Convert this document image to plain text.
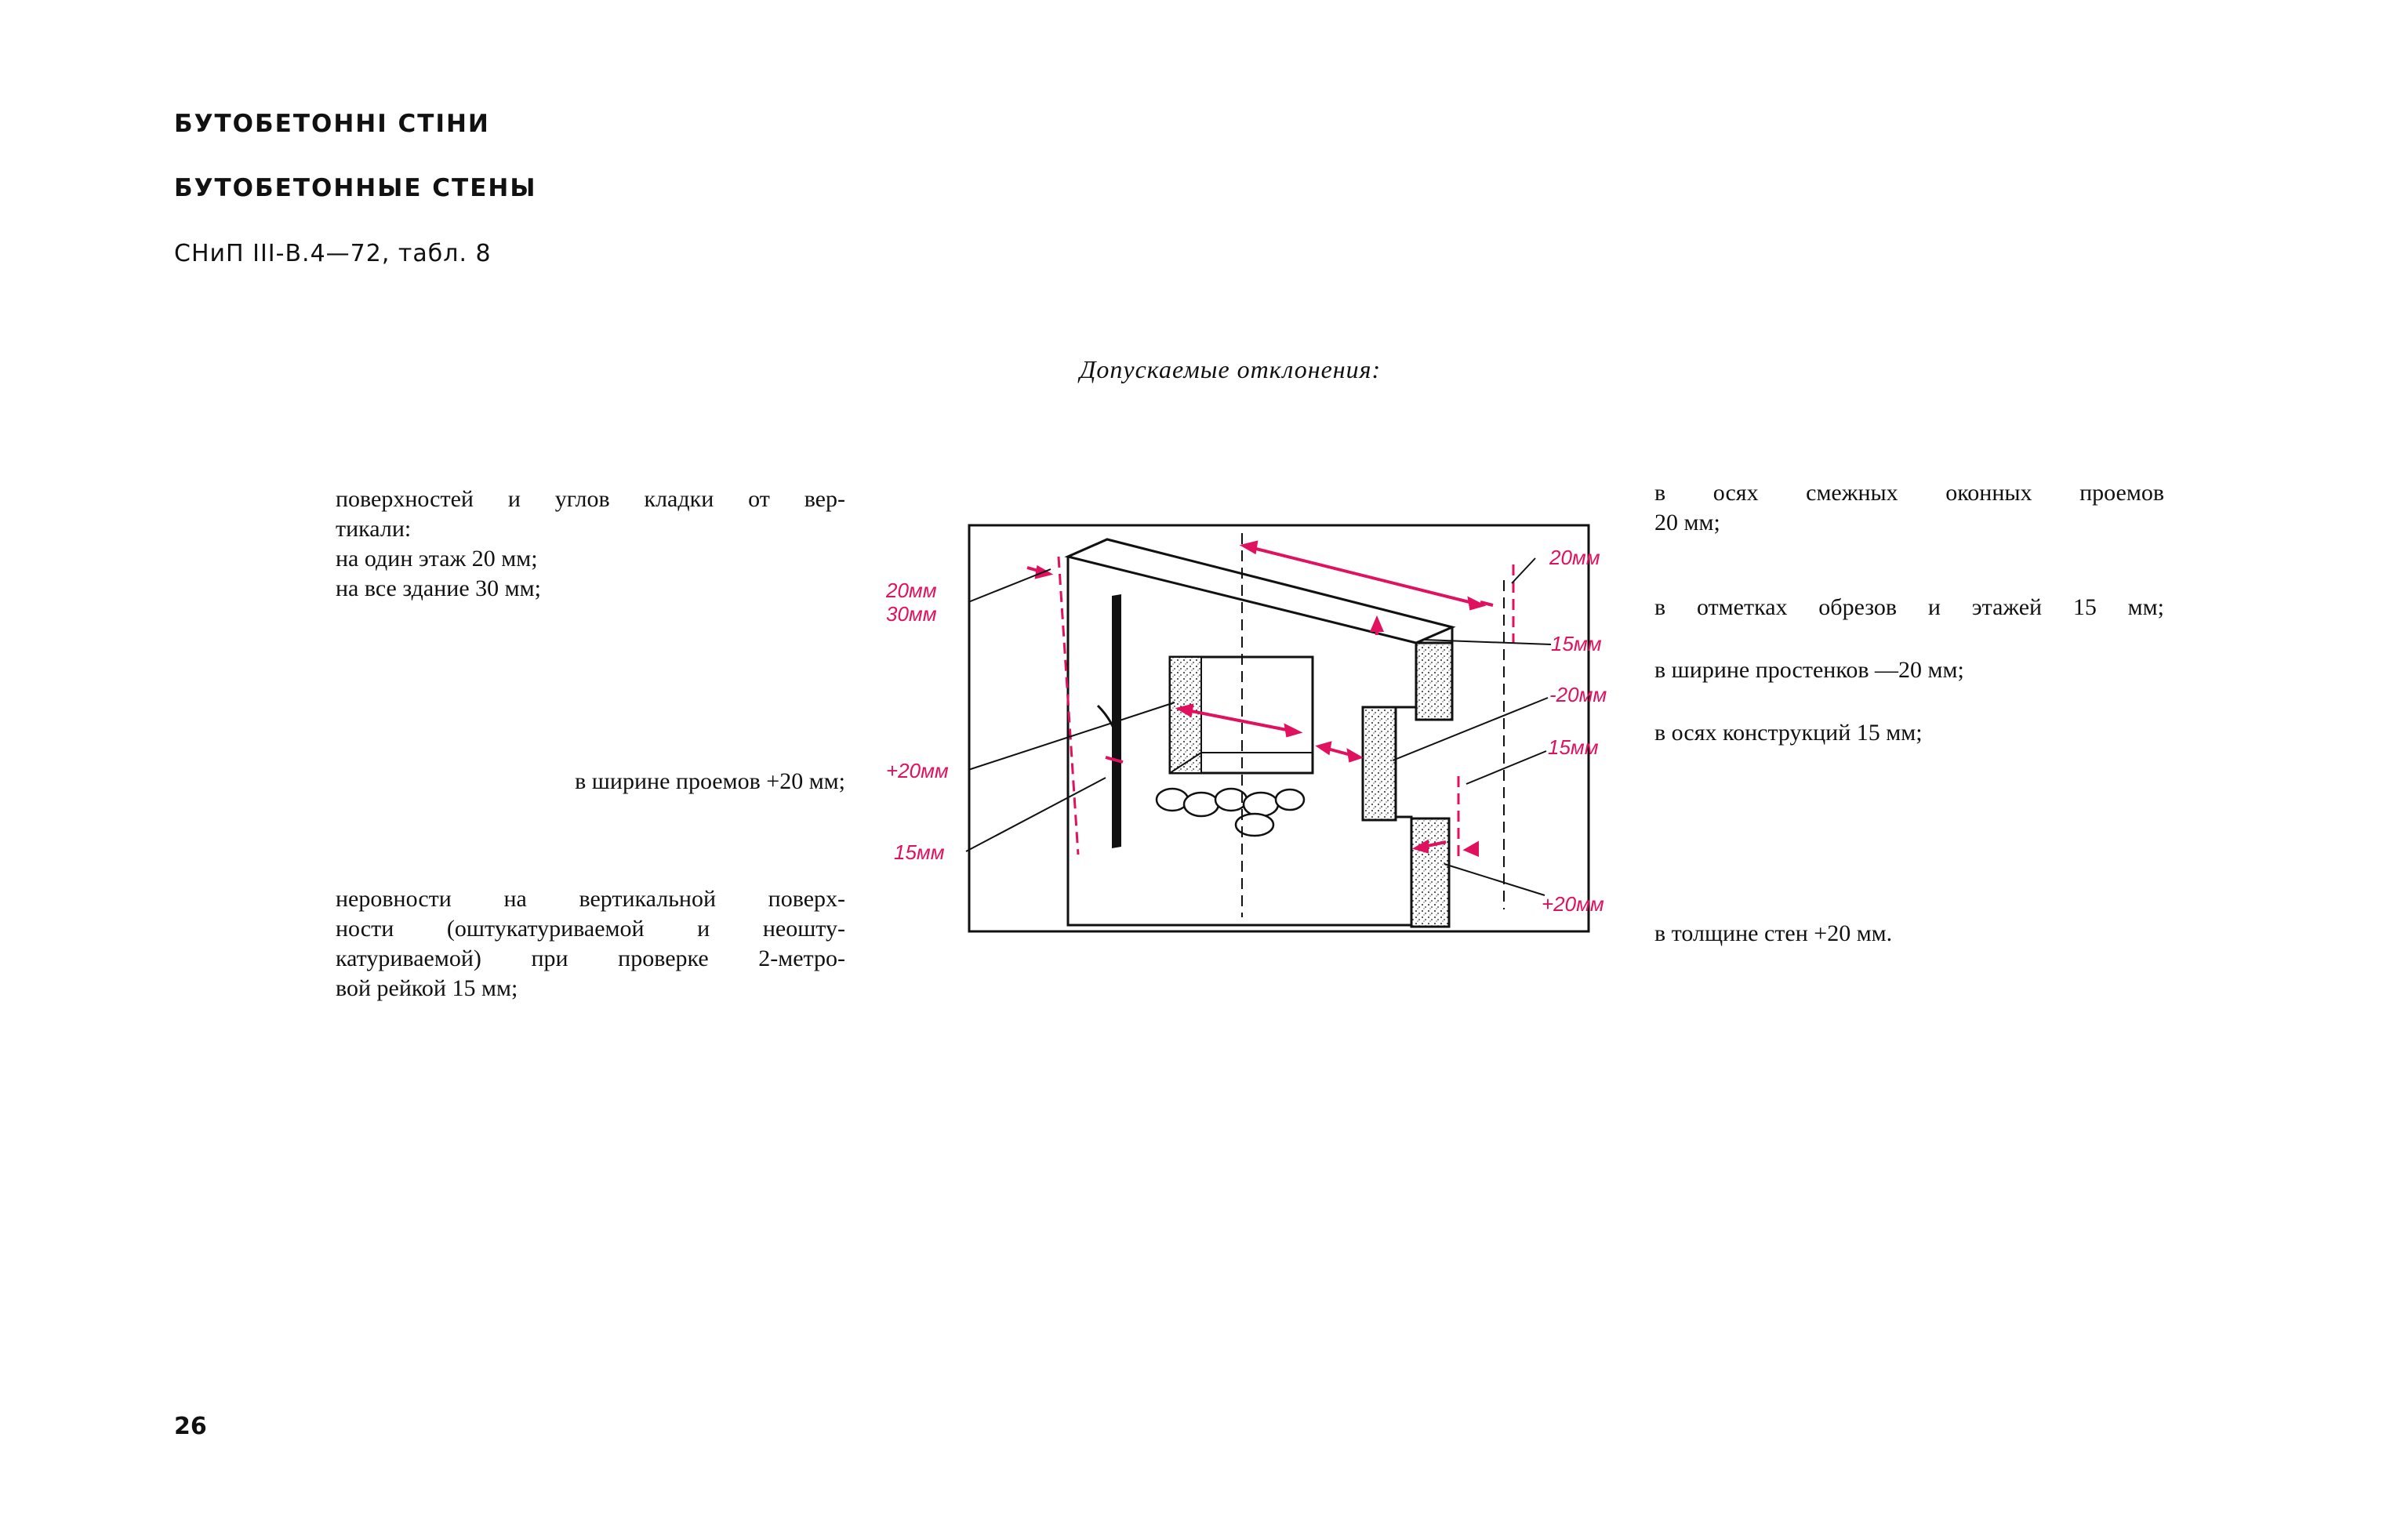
БУТОБЕТОННІ СТІНИ
БУТОБЕТОННЫЕ СТЕНЫ
СНиП III-В.4—72, табл. 8
Допускаемые отклонения:
поверхностей и углов кладки от вер-
тикали:
на один этаж 20 мм;
на все здание 30 мм;
в ширине проемов +20 мм;
неровности на вертикальной поверх-
ности (оштукатуриваемой и неошту-
катуриваемой) при проверке 2-метро-
вой рейкой 15 мм;
в осях смежных оконных проемов
20 мм;
в отметках обрезов и этажей 15 мм;
в ширине простенков —20 мм;
в осях конструкций 15 мм;
в толщине стен +20 мм.
20мм
30мм
+20мм
15мм
20мм
15мм
-20мм
15мм
+20мм
26
